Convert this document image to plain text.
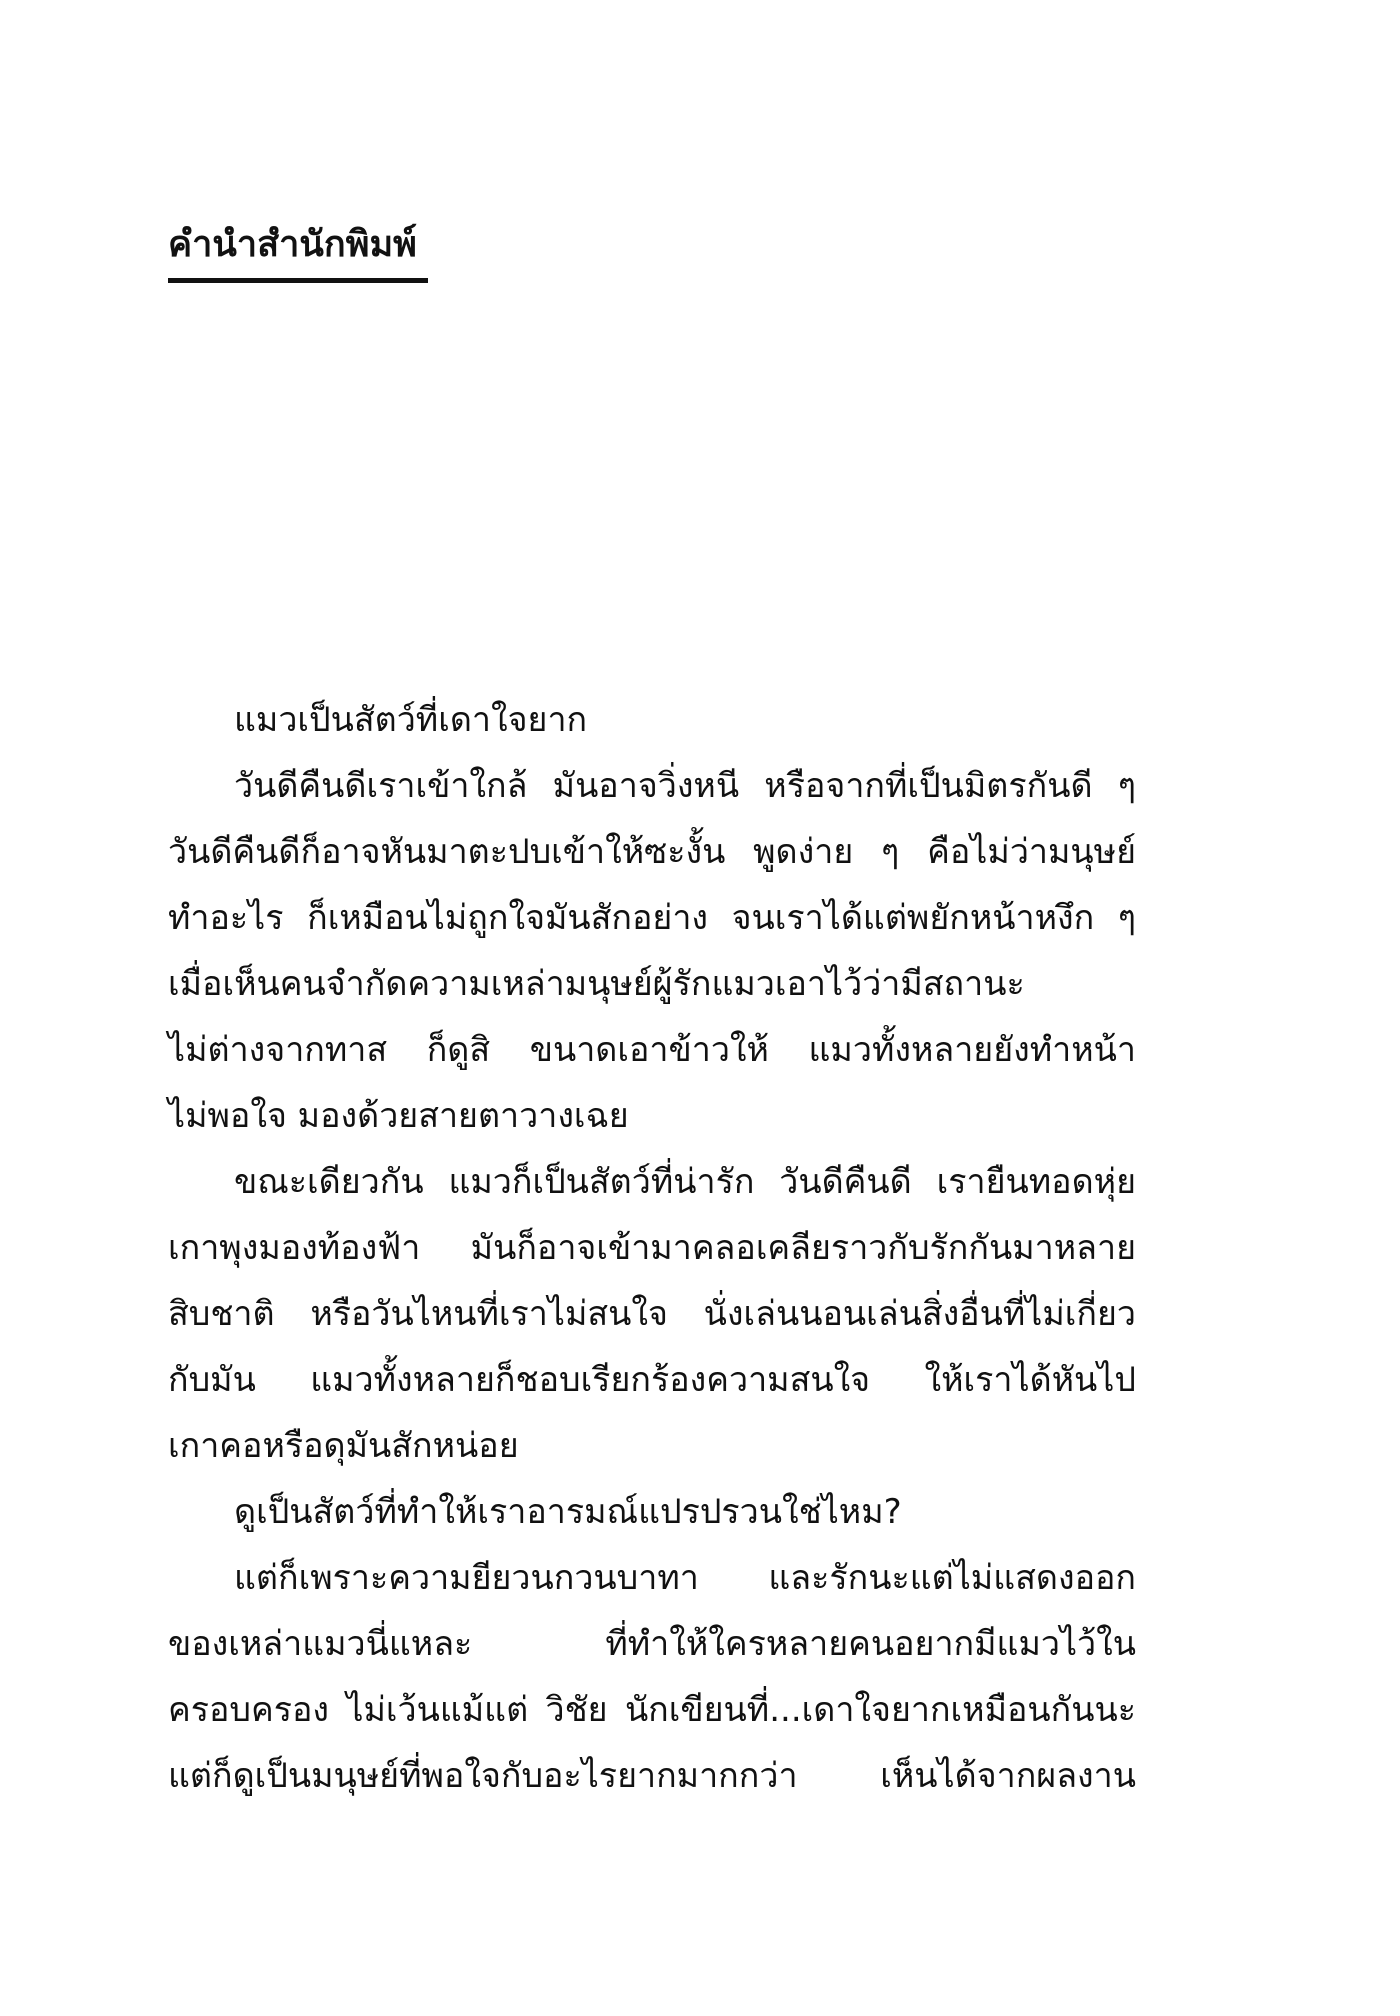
คำนำสำนักพิมพ์
แมวเป็นสัตว์ที่เดาใจยาก
วันดีคืนดีเราเข้าใกล้ มันอาจวิ่งหนี หรือจากที่เป็นมิตรกันดี ๆ
วันดีคืนดีก็อาจหันมาตะปบเข้าให้ซะงั้น พูดง่าย ๆ คือไม่ว่ามนุษย์
ทำอะไร ก็เหมือนไม่ถูกใจมันสักอย่าง จนเราได้แต่พยักหน้าหงึก ๆ
เมื่อเห็นคนจำกัดความเหล่ามนุษย์ผู้รักแมวเอาไว้ว่ามีสถานะ
ไม่ต่างจากทาส ก็ดูสิ ขนาดเอาข้าวให้ แมวทั้งหลายยังทำหน้า
ไม่พอใจ มองด้วยสายตาวางเฉย
ขณะเดียวกัน แมวก็เป็นสัตว์ที่น่ารัก วันดีคืนดี เรายืนทอดหุ่ย
เกาพุงมองท้องฟ้า มันก็อาจเข้ามาคลอเคลียราวกับรักกันมาหลาย
สิบชาติ หรือวันไหนที่เราไม่สนใจ นั่งเล่นนอนเล่นสิ่งอื่นที่ไม่เกี่ยว
กับมัน แมวทั้งหลายก็ชอบเรียกร้องความสนใจ ให้เราได้หันไป
เกาคอหรือดุมันสักหน่อย
ดูเป็นสัตว์ที่ทำให้เราอารมณ์แปรปรวนใช่ไหม?
แต่ก็เพราะความยียวนกวนบาทา และรักนะแต่ไม่แสดงออก
ของเหล่าแมวนี่แหละ ที่ทำให้ใครหลายคนอยากมีแมวไว้ใน
ครอบครอง ไม่เว้นแม้แต่ วิชัย นักเขียนที่...เดาใจยากเหมือนกันนะ
แต่ก็ดูเป็นมนุษย์ที่พอใจกับอะไรยากมากกว่า เห็นได้จากผลงาน
